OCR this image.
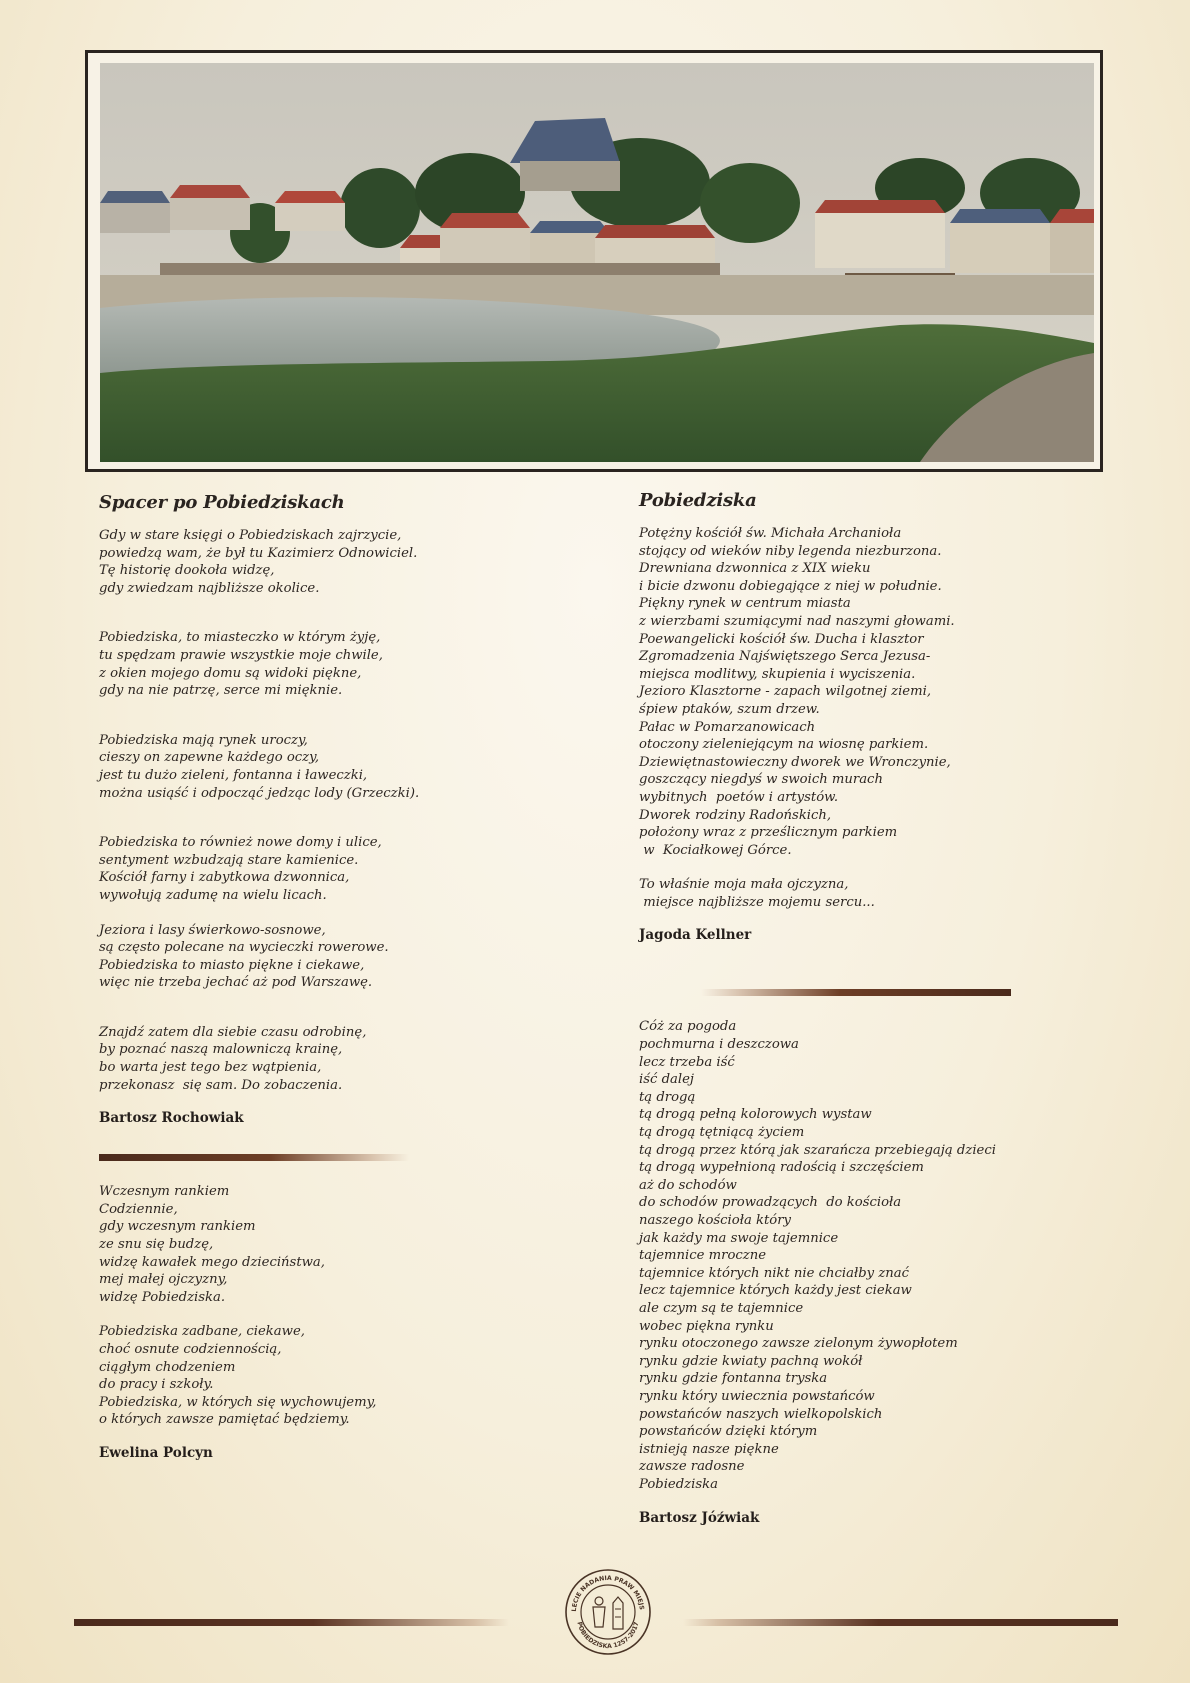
Spacer po Pobiedziskach

Gdy w stare księgi o Pobiedziskach zajrzycie,
powiedzą wam, że był tu Kazimierz Odnowiciel.
Tę historię dookoła widzę,
gdy zwiedzam najbliższe okolice.

Pobiedziska, to miasteczko w którym żyję,
tu spędzam prawie wszystkie moje chwile,
z okien mojego domu są widoki piękne,
gdy na nie patrzę, serce mi mięknie.

Pobiedziska mają rynek uroczy,
cieszy on zapewne każdego oczy,
jest tu dużo zieleni, fontanna i ławeczki,
można usiąść i odpocząć jedząc lody (Grzeczki).

Pobiedziska to również nowe domy i ulice,
sentyment wzbudzają stare kamienice.
Kościół farny i zabytkowa dzwonnica,
wywołują zadumę na wielu licach.

Jeziora i lasy świerkowo-sosnowe,
są często polecane na wycieczki rowerowe.
Pobiedziska to miasto piękne i ciekawe,
więc nie trzeba jechać aż pod Warszawę.

Znajdź zatem dla siebie czasu odrobinę,
by poznać naszą malowniczą krainę,
bo warta jest tego bez wątpienia,
przekonasz  się sam. Do zobaczenia.

Bartosz Rochowiak

Wczesnym rankiem
Codziennie,
gdy wczesnym rankiem
ze snu się budzę,
widzę kawałek mego dzieciństwa,
mej małej ojczyzny,
widzę Pobiedziska.

Pobiedziska zadbane, ciekawe,
choć osnute codziennością,
ciągłym chodzeniem
do pracy i szkoły.
Pobiedziska, w których się wychowujemy,
o których zawsze pamiętać będziemy.

Ewelina Polcyn

Pobiedziska

Potężny kościół św. Michała Archanioła
stojący od wieków niby legenda niezburzona.
Drewniana dzwonnica z XIX wieku
i bicie dzwonu dobiegające z niej w południe.
Piękny rynek w centrum miasta
z wierzbami szumiącymi nad naszymi głowami.
Poewangelicki kościół św. Ducha i klasztor
Zgromadzenia Najświętszego Serca Jezusa-
miejsca modlitwy, skupienia i wyciszenia.
Jezioro Klasztorne - zapach wilgotnej ziemi,
śpiew ptaków, szum drzew.
Pałac w Pomarzanowicach
otoczony zieleniejącym na wiosnę parkiem.
Dziewiętnastowieczny dworek we Wronczynie,
goszczący niegdyś w swoich murach
wybitnych  poetów i artystów.
Dworek rodziny Radońskich,
położony wraz z prześlicznym parkiem
w  Kociałkowej Górce.

To właśnie moja mała ojczyzna,
miejsce najbliższe mojemu sercu...

Jagoda Kellner

Cóż za pogoda
pochmurna i deszczowa
lecz trzeba iść
iść dalej
tą drogą
tą drogą pełną kolorowych wystaw
tą drogą tętniącą życiem
tą drogą przez którą jak szarańcza przebiegają dzieci
tą drogą wypełnioną radością i szczęściem
aż do schodów
do schodów prowadzących  do kościoła
naszego kościoła który
jak każdy ma swoje tajemnice
tajemnice mroczne
tajemnice których nikt nie chciałby znać
lecz tajemnice których każdy jest ciekaw
ale czym są te tajemnice
wobec piękna rynku
rynku otoczonego zawsze zielonym żywopłotem
rynku gdzie kwiaty pachną wokół
rynku gdzie fontanna tryska
rynku który uwiecznia powstańców
powstańców naszych wielkopolskich
powstańców dzięki którym
istnieją nasze piękne
zawsze radosne
Pobiedziska

Bartosz Jóźwiak

LECIE NADANIA PRAW MIEJS
POBIEDZISKA 1257-2017
